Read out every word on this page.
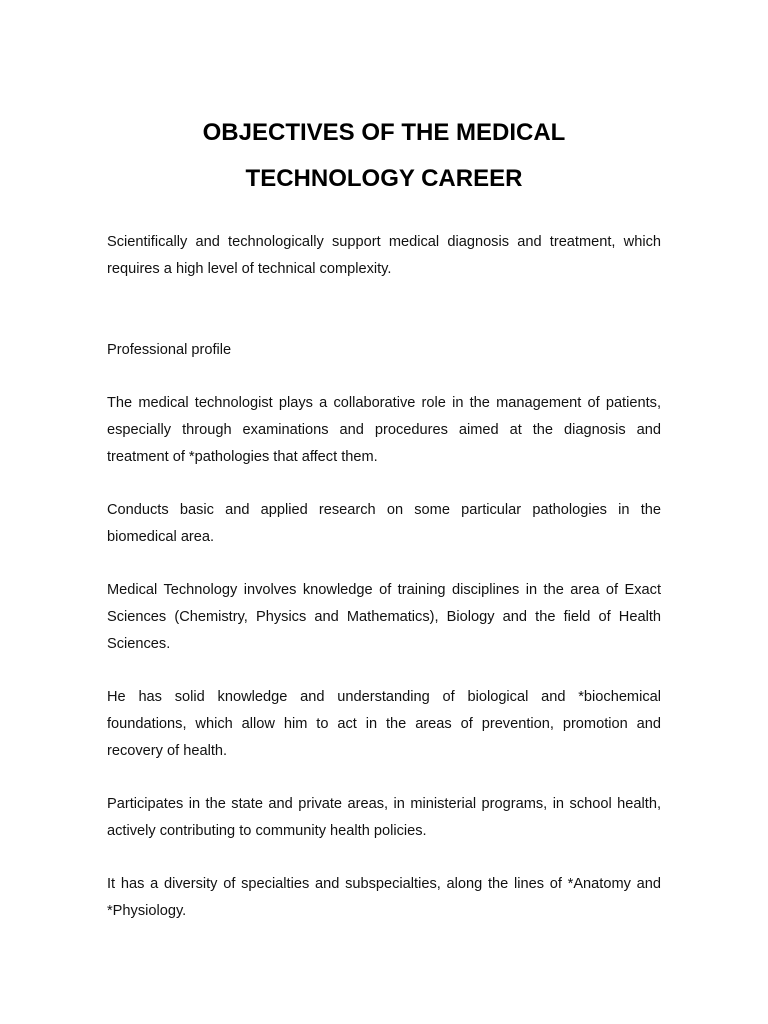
OBJECTIVES OF THE MEDICAL
TECHNOLOGY CAREER

Scientifically and technologically support medical diagnosis and treatment, which requires a high level of technical complexity.

Professional profile

The medical technologist plays a collaborative role in the management of patients, especially through examinations and procedures aimed at the diagnosis and treatment of *pathologies that affect them.

Conducts basic and applied research on some particular pathologies in the biomedical area.

Medical Technology involves knowledge of training disciplines in the area of Exact Sciences (Chemistry, Physics and Mathematics), Biology and the field of Health Sciences.

He has solid knowledge and understanding of biological and *biochemical foundations, which allow him to act in the areas of prevention, promotion and recovery of health.

Participates in the state and private areas, in ministerial programs, in school health, actively contributing to community health policies.

It has a diversity of specialties and subspecialties, along the lines of *Anatomy and *Physiology.
